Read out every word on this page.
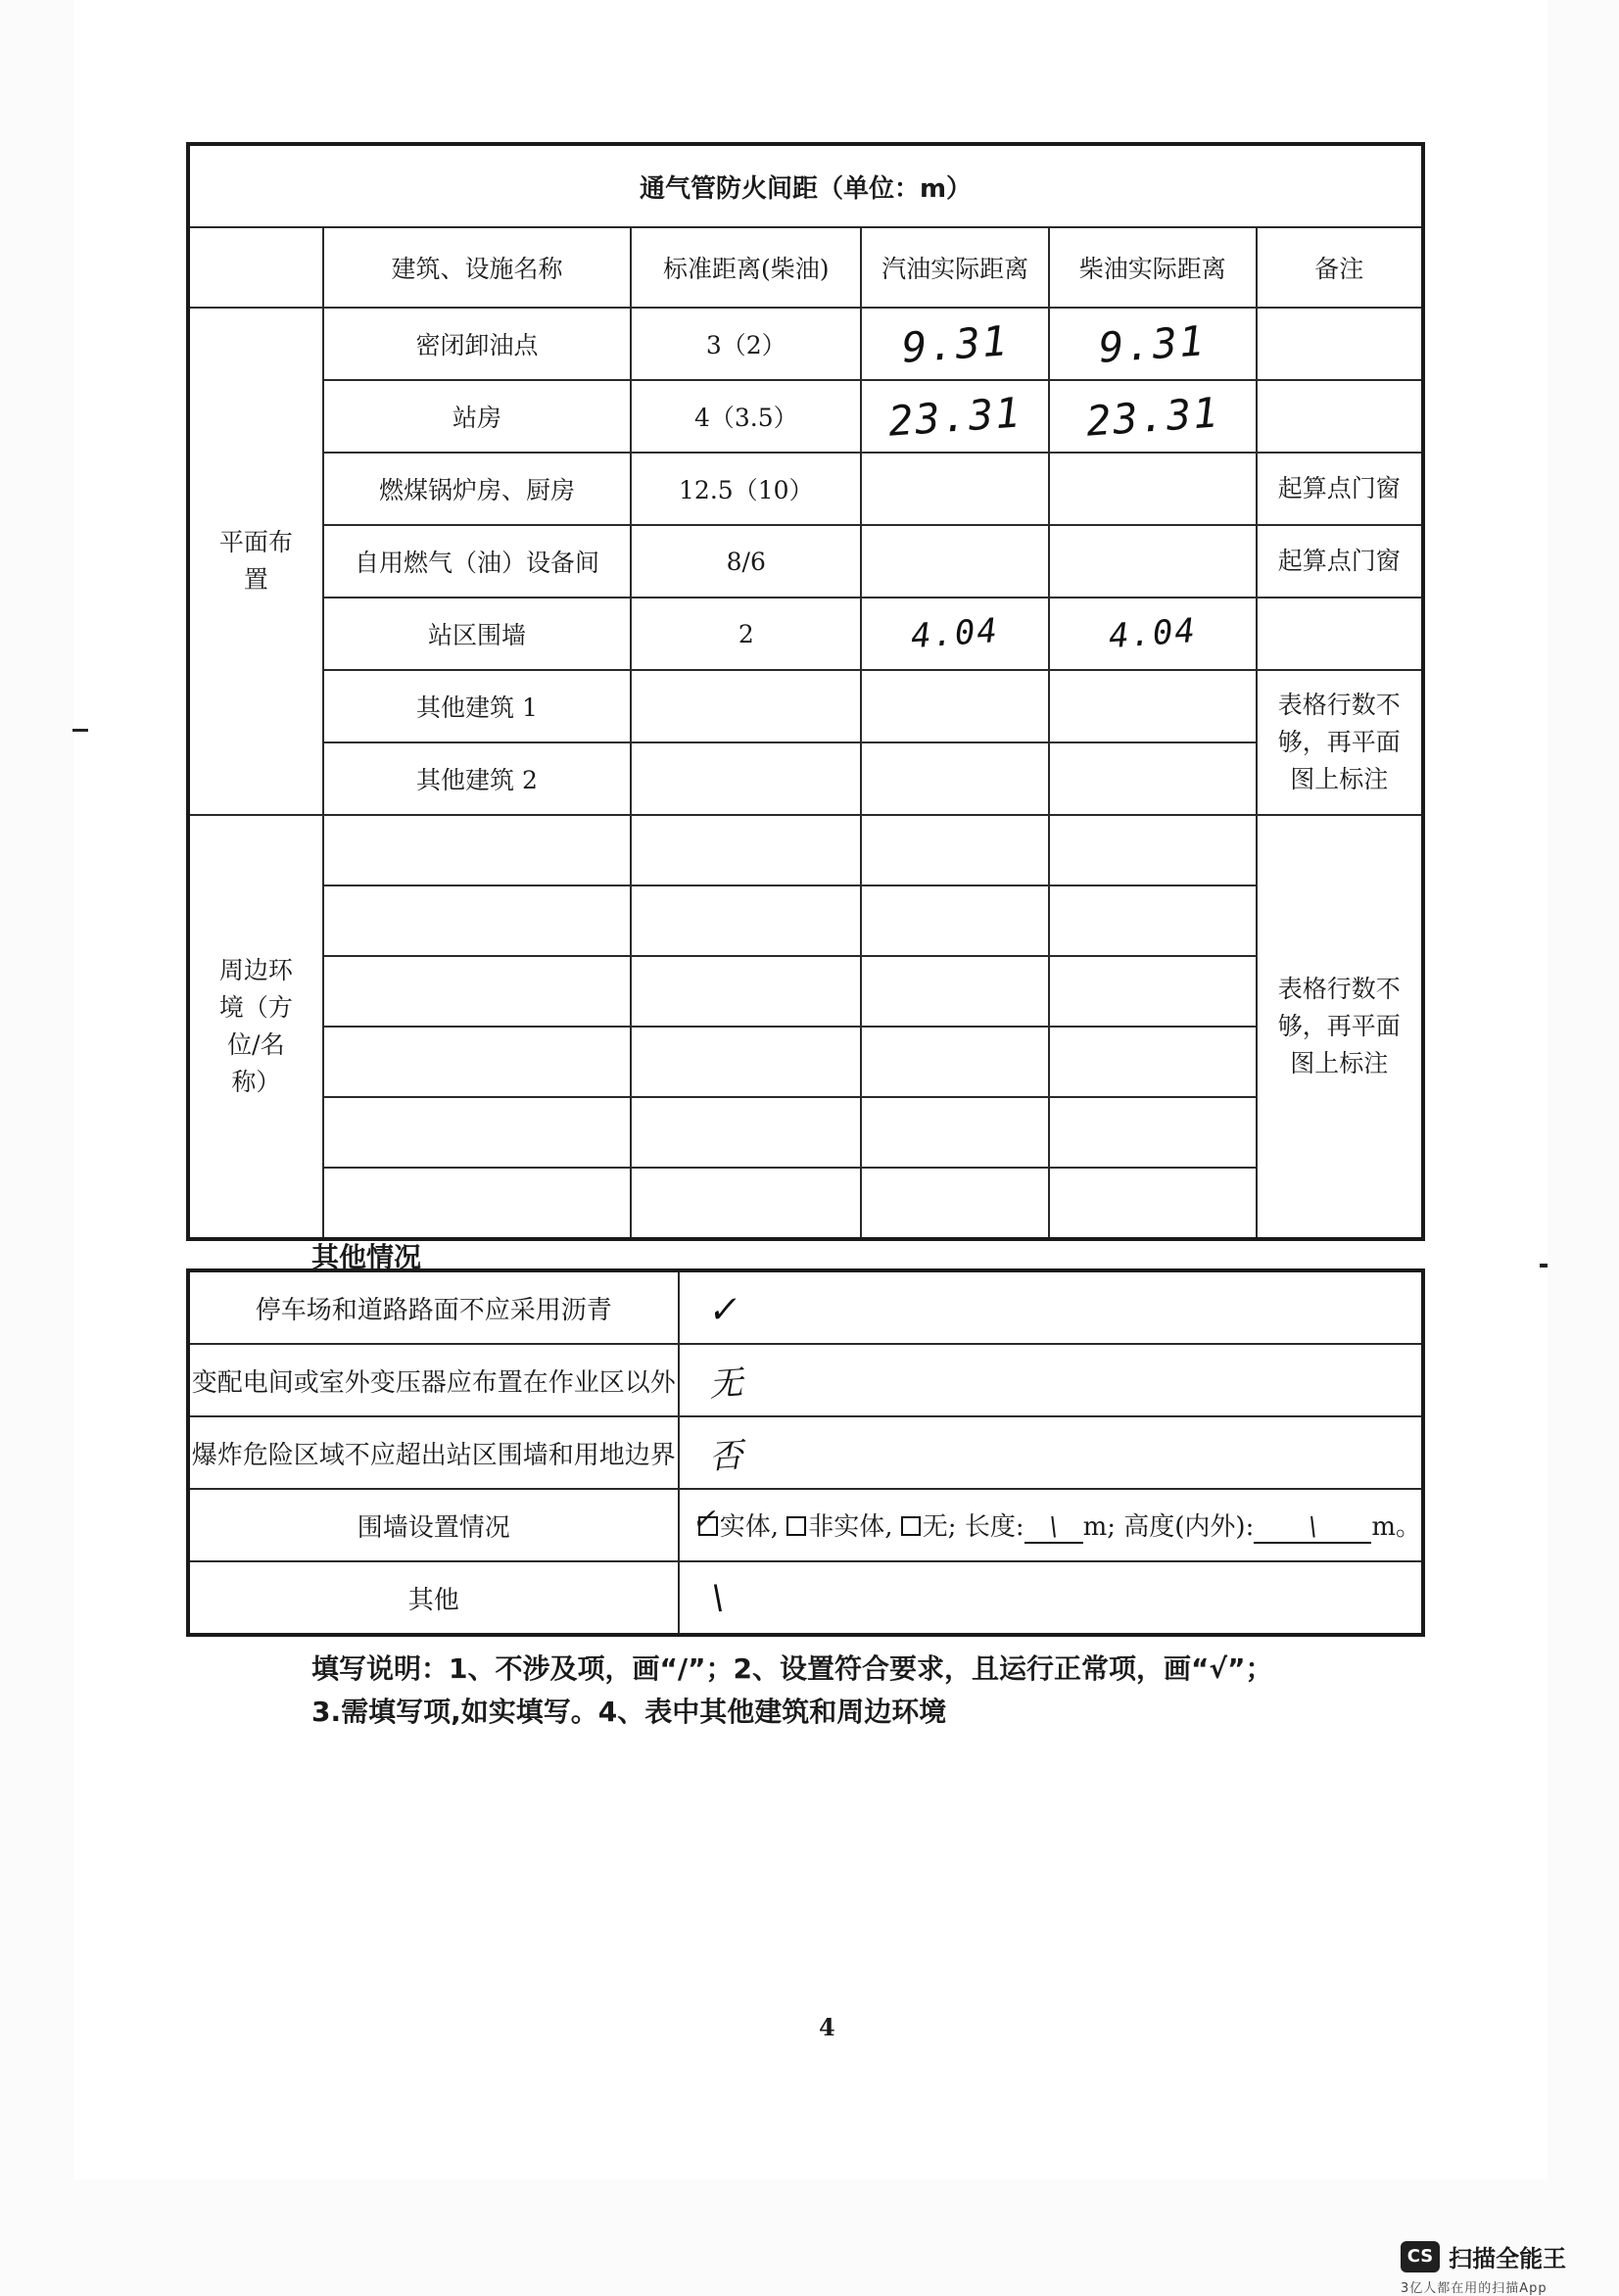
通气管防火间距（单位：m）					
	建筑、设施名称	标准距离(柴油)	汽油实际距离	柴油实际距离	备注
平面布置	密闭卸油点	3（2）	9.31	9.31	
	站房	4（3.5）	23.31	23.31	
	燃煤锅炉房、厨房	12.5（10）			起算点门窗
	自用燃气（油）设备间	8/6			起算点门窗
	站区围墙	2	4.04	4.04	
	其他建筑 1				表格行数不够，再平面图上标注
	其他建筑 2				
周边环境（方位/名称）					表格行数不够，再平面图上标注

其他情况
停车场和道路路面不应采用沥青	✓
变配电间或室外变压器应布置在作业区以外	无
爆炸危险区域不应超出站区围墙和用地边界	否
围墙设置情况	✓ 实体, 非实体, 无; 长度: \ m; 高度(内外): \ m。
其他	\
填写说明：1、不涉及项，画“/”；2、设置符合要求，且运行正常项，画“√”；
3.需填写项,如实填写。4、表中其他建筑和周边环境
4
CS 扫描全能王
3亿人都在用的扫描App
